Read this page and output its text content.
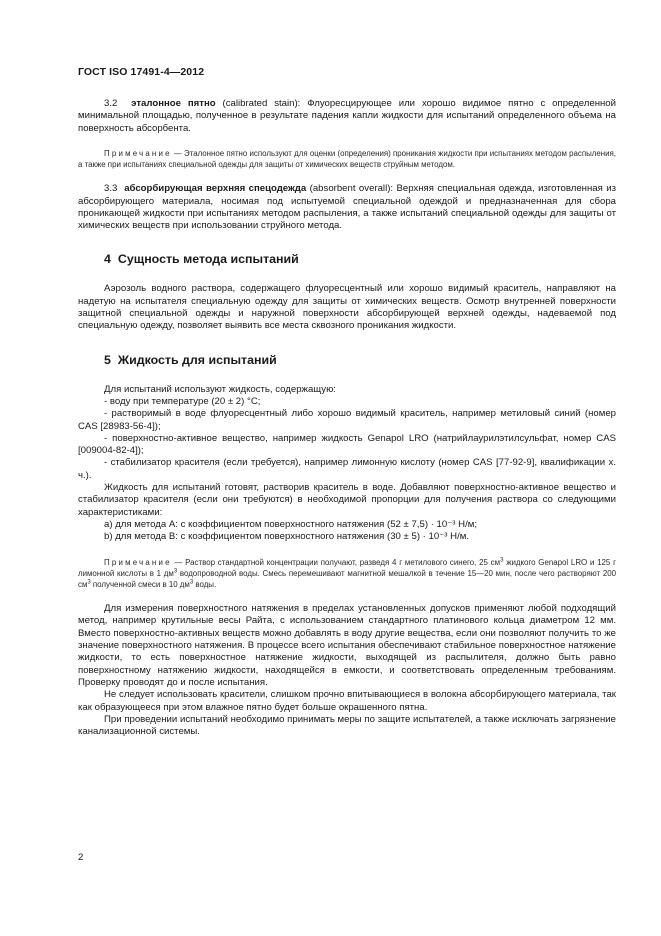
ГОСТ ISO 17491-4—2012

3.2 эталонное пятно (calibrated stain): Флуоресцирующее или хорошо видимое пятно с определенной минимальной площадью, полученное в результате падения капли жидкости для испытаний определенного объема на поверхность абсорбента.

Примечание — Эталонное пятно используют для оценки (определения) проникания жидкости при испытаниях методом распыления, а также при испытаниях специальной одежды для защиты от химических веществ струйным методом.

3.3 абсорбирующая верхняя спецодежда (absorbent overall): Верхняя специальная одежда, изготовленная из абсорбирующего материала, носимая под испытуемой специальной одеждой и предназначенная для сбора проникающей жидкости при испытаниях методом распыления, а также испытаний специальной одежды для защиты от химических веществ при использовании струйного метода.

4 Сущность метода испытаний

Аэрозоль водного раствора, содержащего флуоресцентный или хорошо видимый краситель, направляют на надетую на испытателя специальную одежду для защиты от химических веществ. Осмотр внутренней поверхности защитной специальной одежды и наружной поверхности абсорбирующей верхней одежды, надеваемой под специальную одежду, позволяет выявить все места сквозного проникания жидкости.

5 Жидкость для испытаний

Для испытаний используют жидкость, содержащую:

- воду при температуре (20 ± 2) °С;

- растворимый в воде флуоресцентный либо хорошо видимый краситель, например метиловый синий (номер CAS [28983-56-4]);

- поверхностно-активное вещество, например жидкость Genapol LRO (натрийлаурилэтилсульфат, номер CAS [009004-82-4]);

- стабилизатор красителя (если требуется), например лимонную кислоту (номер CAS [77-92-9], квалификации х. ч.).

Жидкость для испытаний готовят, растворив краситель в воде. Добавляют поверхностно-активное вещество и стабилизатор красителя (если они требуются) в необходимой пропорции для получения раствора со следующими характеристиками:

а) для метода А: с коэффициентом поверхностного натяжения (52 ± 7,5) · 10⁻³ Н/м;

b) для метода В: с коэффициентом поверхностного натяжения (30 ± 5) · 10⁻³ Н/м.

Примечание — Раствор стандартной концентрации получают, разведя 4 г метилового синего, 25 $см^3$ жидкого Genapol LRO и 125 г лимонной кислоты в 1 $дм^3$ водопроводной воды. Смесь перемешивают магнитной мешалкой в течение 15—20 мин, после чего растворяют 200 $см^3$ полученной смеси в 10 $дм^3$ воды.

Для измерения поверхностного натяжения в пределах установленных допусков применяют любой подходящий метод, например крутильные весы Райта, с использованием стандартного платинового кольца диаметром 12 мм. Вместо поверхностно-активных веществ можно добавлять в воду другие вещества, если они позволяют получить то же значение поверхностного натяжения. В процессе всего испытания обеспечивают стабильное поверхностное натяжение жидкости, то есть поверхностное натяжение жидкости, выходящей из распылителя, должно быть равно поверхностному натяжению жидкости, находящейся в емкости, и соответствовать определенным требованиям. Проверку проводят до и после испытания.

Не следует использовать красители, слишком прочно впитывающиеся в волокна абсорбирующего материала, так как образующееся при этом влажное пятно будет больше окрашенного пятна.

При проведении испытаний необходимо принимать меры по защите испытателей, а также исключать загрязнение канализационной системы.

2
